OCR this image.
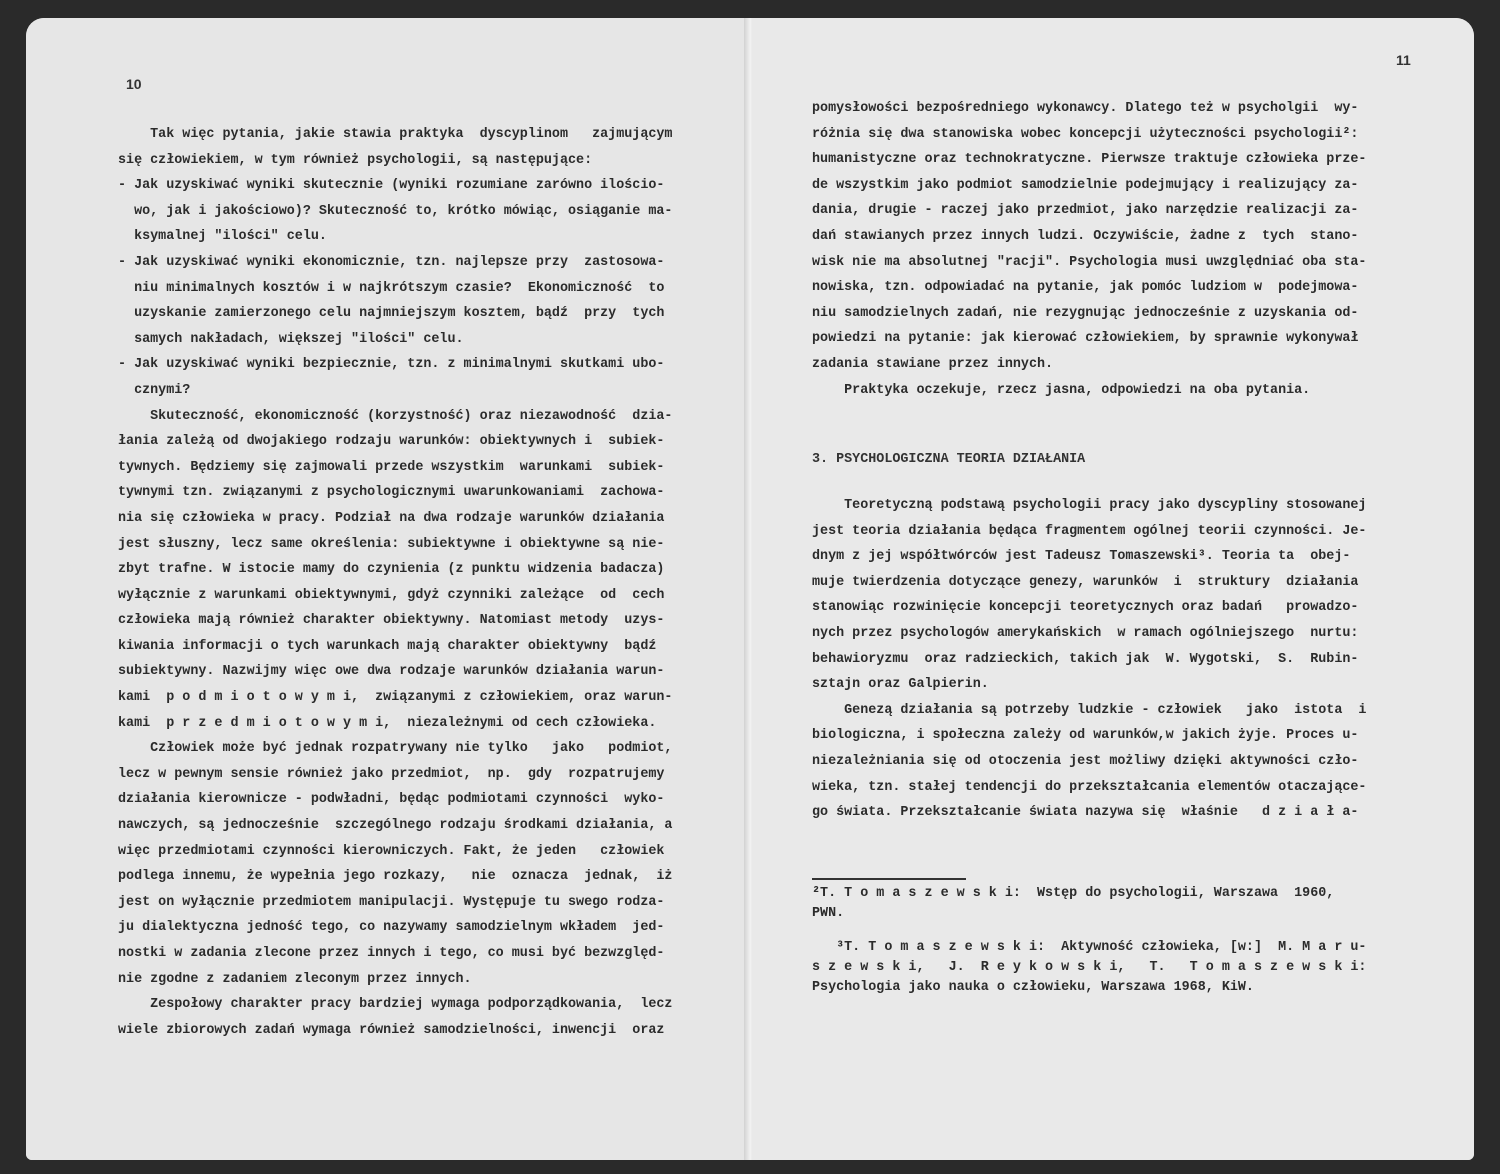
10
Tak więc pytania, jakie stawia praktyka  dyscyplinom   zajmującym
się człowiekiem, w tym również psychologii, są następujące:
- Jak uzyskiwać wyniki skutecznie (wyniki rozumiane zarówno ilościo-
wo, jak i jakościowo)? Skuteczność to, krótko mówiąc, osiąganie ma-
ksymalnej "ilości" celu.
- Jak uzyskiwać wyniki ekonomicznie, tzn. najlepsze przy  zastosowa-
niu minimalnych kosztów i w najkrótszym czasie?  Ekonomiczność  to
uzyskanie zamierzonego celu najmniejszym kosztem, bądź  przy  tych
samych nakładach, większej "ilości" celu.
- Jak uzyskiwać wyniki bezpiecznie, tzn. z minimalnymi skutkami ubo-
cznymi?
Skuteczność, ekonomiczność (korzystność) oraz niezawodność  dzia-
łania zależą od dwojakiego rodzaju warunków: obiektywnych i  subiek-
tywnych. Będziemy się zajmowali przede wszystkim  warunkami  subiek-
tywnymi tzn. związanymi z psychologicznymi uwarunkowaniami  zachowa-
nia się człowieka w pracy. Podział na dwa rodzaje warunków działania
jest słuszny, lecz same określenia: subiektywne i obiektywne są nie-
zbyt trafne. W istocie mamy do czynienia (z punktu widzenia badacza)
wyłącznie z warunkami obiektywnymi, gdyż czynniki zależące  od  cech
człowieka mają również charakter obiektywny. Natomiast metody  uzys-
kiwania informacji o tych warunkach mają charakter obiektywny  bądź
subiektywny. Nazwijmy więc owe dwa rodzaje warunków działania warun-
kami  p o d m i o t o w y m i,  związanymi z człowiekiem, oraz warun-
kami  p r z e d m i o t o w y m i,  niezależnymi od cech człowieka.
Człowiek może być jednak rozpatrywany nie tylko   jako   podmiot,
lecz w pewnym sensie również jako przedmiot,  np.  gdy  rozpatrujemy
działania kierownicze - podwładni, będąc podmiotami czynności  wyko-
nawczych, są jednocześnie  szczególnego rodzaju środkami działania, a
więc przedmiotami czynności kierowniczych. Fakt, że jeden   człowiek
podlega innemu, że wypełnia jego rozkazy,   nie  oznacza  jednak,  iż
jest on wyłącznie przedmiotem manipulacji. Występuje tu swego rodza-
ju dialektyczna jedność tego, co nazywamy samodzielnym wkładem  jed-
nostki w zadania zlecone przez innych i tego, co musi być bezwzględ-
nie zgodne z zadaniem zleconym przez innych.
Zespołowy charakter pracy bardziej wymaga podporządkowania,  lecz
wiele zbiorowych zadań wymaga również samodzielności, inwencji  oraz
11
pomysłowości bezpośredniego wykonawcy. Dlatego też w psycholgii  wy-
różnia się dwa stanowiska wobec koncepcji użyteczności psychologii²:
humanistyczne oraz technokratyczne. Pierwsze traktuje człowieka prze-
de wszystkim jako podmiot samodzielnie podejmujący i realizujący za-
dania, drugie - raczej jako przedmiot, jako narzędzie realizacji za-
dań stawianych przez innych ludzi. Oczywiście, żadne z  tych  stano-
wisk nie ma absolutnej "racji". Psychologia musi uwzględniać oba sta-
nowiska, tzn. odpowiadać na pytanie, jak pomóc ludziom w  podejmowa-
niu samodzielnych zadań, nie rezygnując jednocześnie z uzyskania od-
powiedzi na pytanie: jak kierować człowiekiem, by sprawnie wykonywał
zadania stawiane przez innych.
Praktyka oczekuje, rzecz jasna, odpowiedzi na oba pytania.
3. PSYCHOLOGICZNA TEORIA DZIAŁANIA
Teoretyczną podstawą psychologii pracy jako dyscypliny stosowanej
jest teoria działania będąca fragmentem ogólnej teorii czynności. Je-
dnym z jej współtwórców jest Tadeusz Tomaszewski³. Teoria ta  obej-
muje twierdzenia dotyczące genezy, warunków  i  struktury  działania
stanowiąc rozwinięcie koncepcji teoretycznych oraz badań   prowadzo-
nych przez psychologów amerykańskich  w ramach ogólniejszego  nurtu:
behawioryzmu  oraz radzieckich, takich jak  W. Wygotski,  S.  Rubin-
sztajn oraz Galpierin.
Genezą działania są potrzeby ludzkie - człowiek   jako  istota  i
biologiczna, i społeczna zależy od warunków,w jakich żyje. Proces u-
niezależniania się od otoczenia jest możliwy dzięki aktywności czło-
wieka, tzn. stałej tendencji do przekształcania elementów otaczające-
go świata. Przekształcanie świata nazywa się  właśnie   d z i a ł a-
²T. T o m a s z e w s k i:  Wstęp do psychologii, Warszawa  1960,
PWN.
³T. T o m a s z e w s k i:  Aktywność człowieka, [w:]  M. M a r u-
s z e w s k i,   J.  R e y k o w s k i,   T.   T o m a s z e w s k i:
Psychologia jako nauka o człowieku, Warszawa 1968, KiW.
